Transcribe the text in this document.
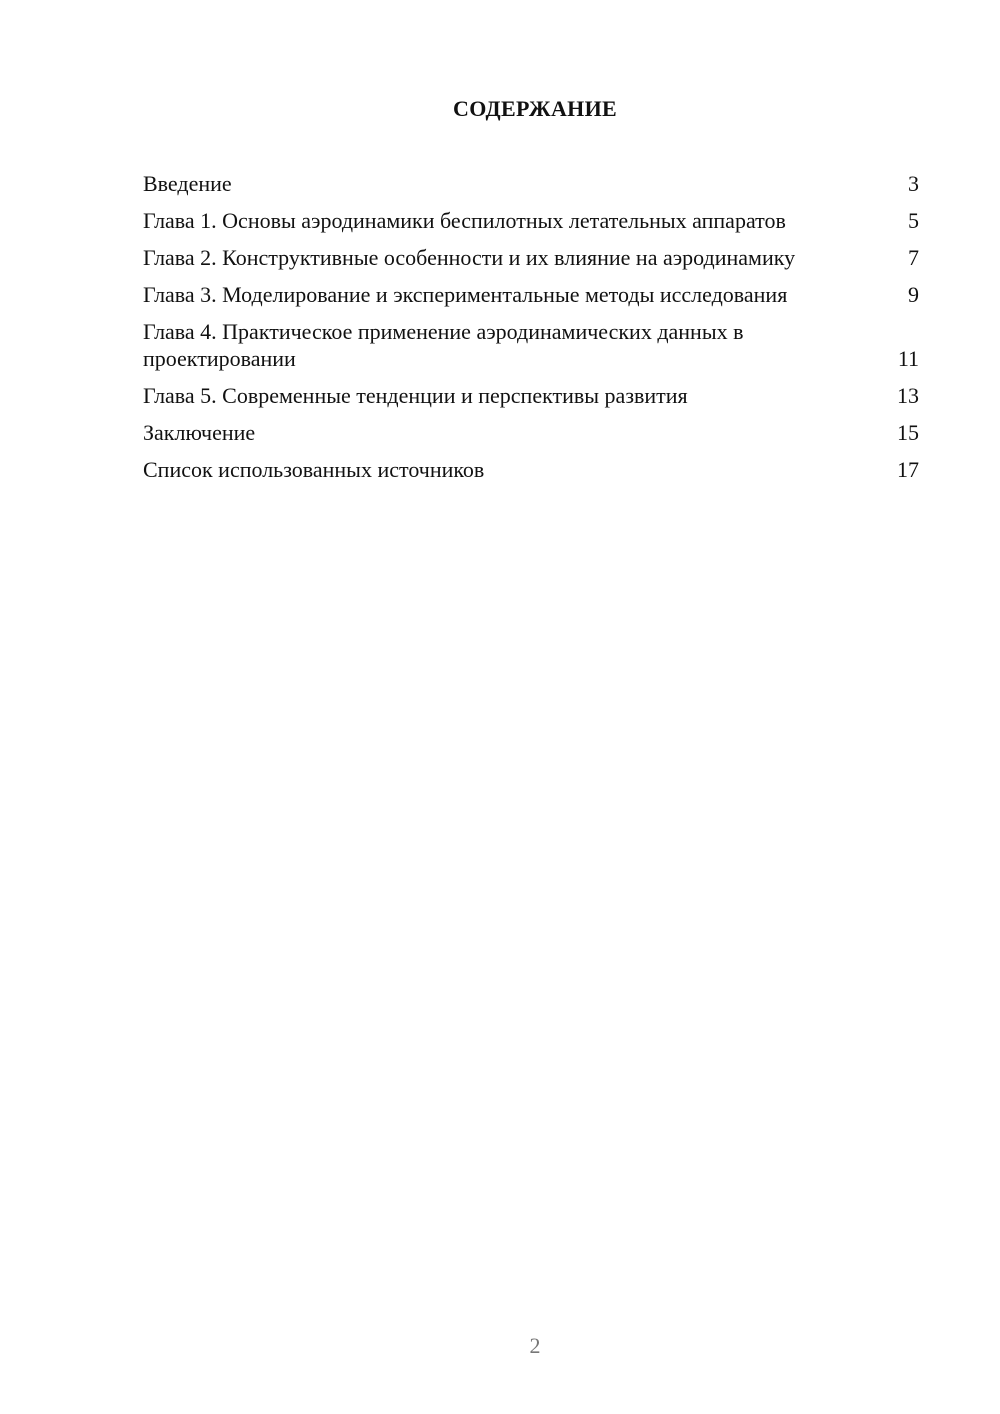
СОДЕРЖАНИЕ
Введение	3
Глава 1. Основы аэродинамики беспилотных летательных аппаратов	5
Глава 2. Конструктивные особенности и их влияние на аэродинамику	7
Глава 3. Моделирование и экспериментальные методы исследования	9
Глава 4. Практическое применение аэродинамических данных в проектировании	11
Глава 5. Современные тенденции и перспективы развития	13
Заключение	15
Список использованных источников	17
2
